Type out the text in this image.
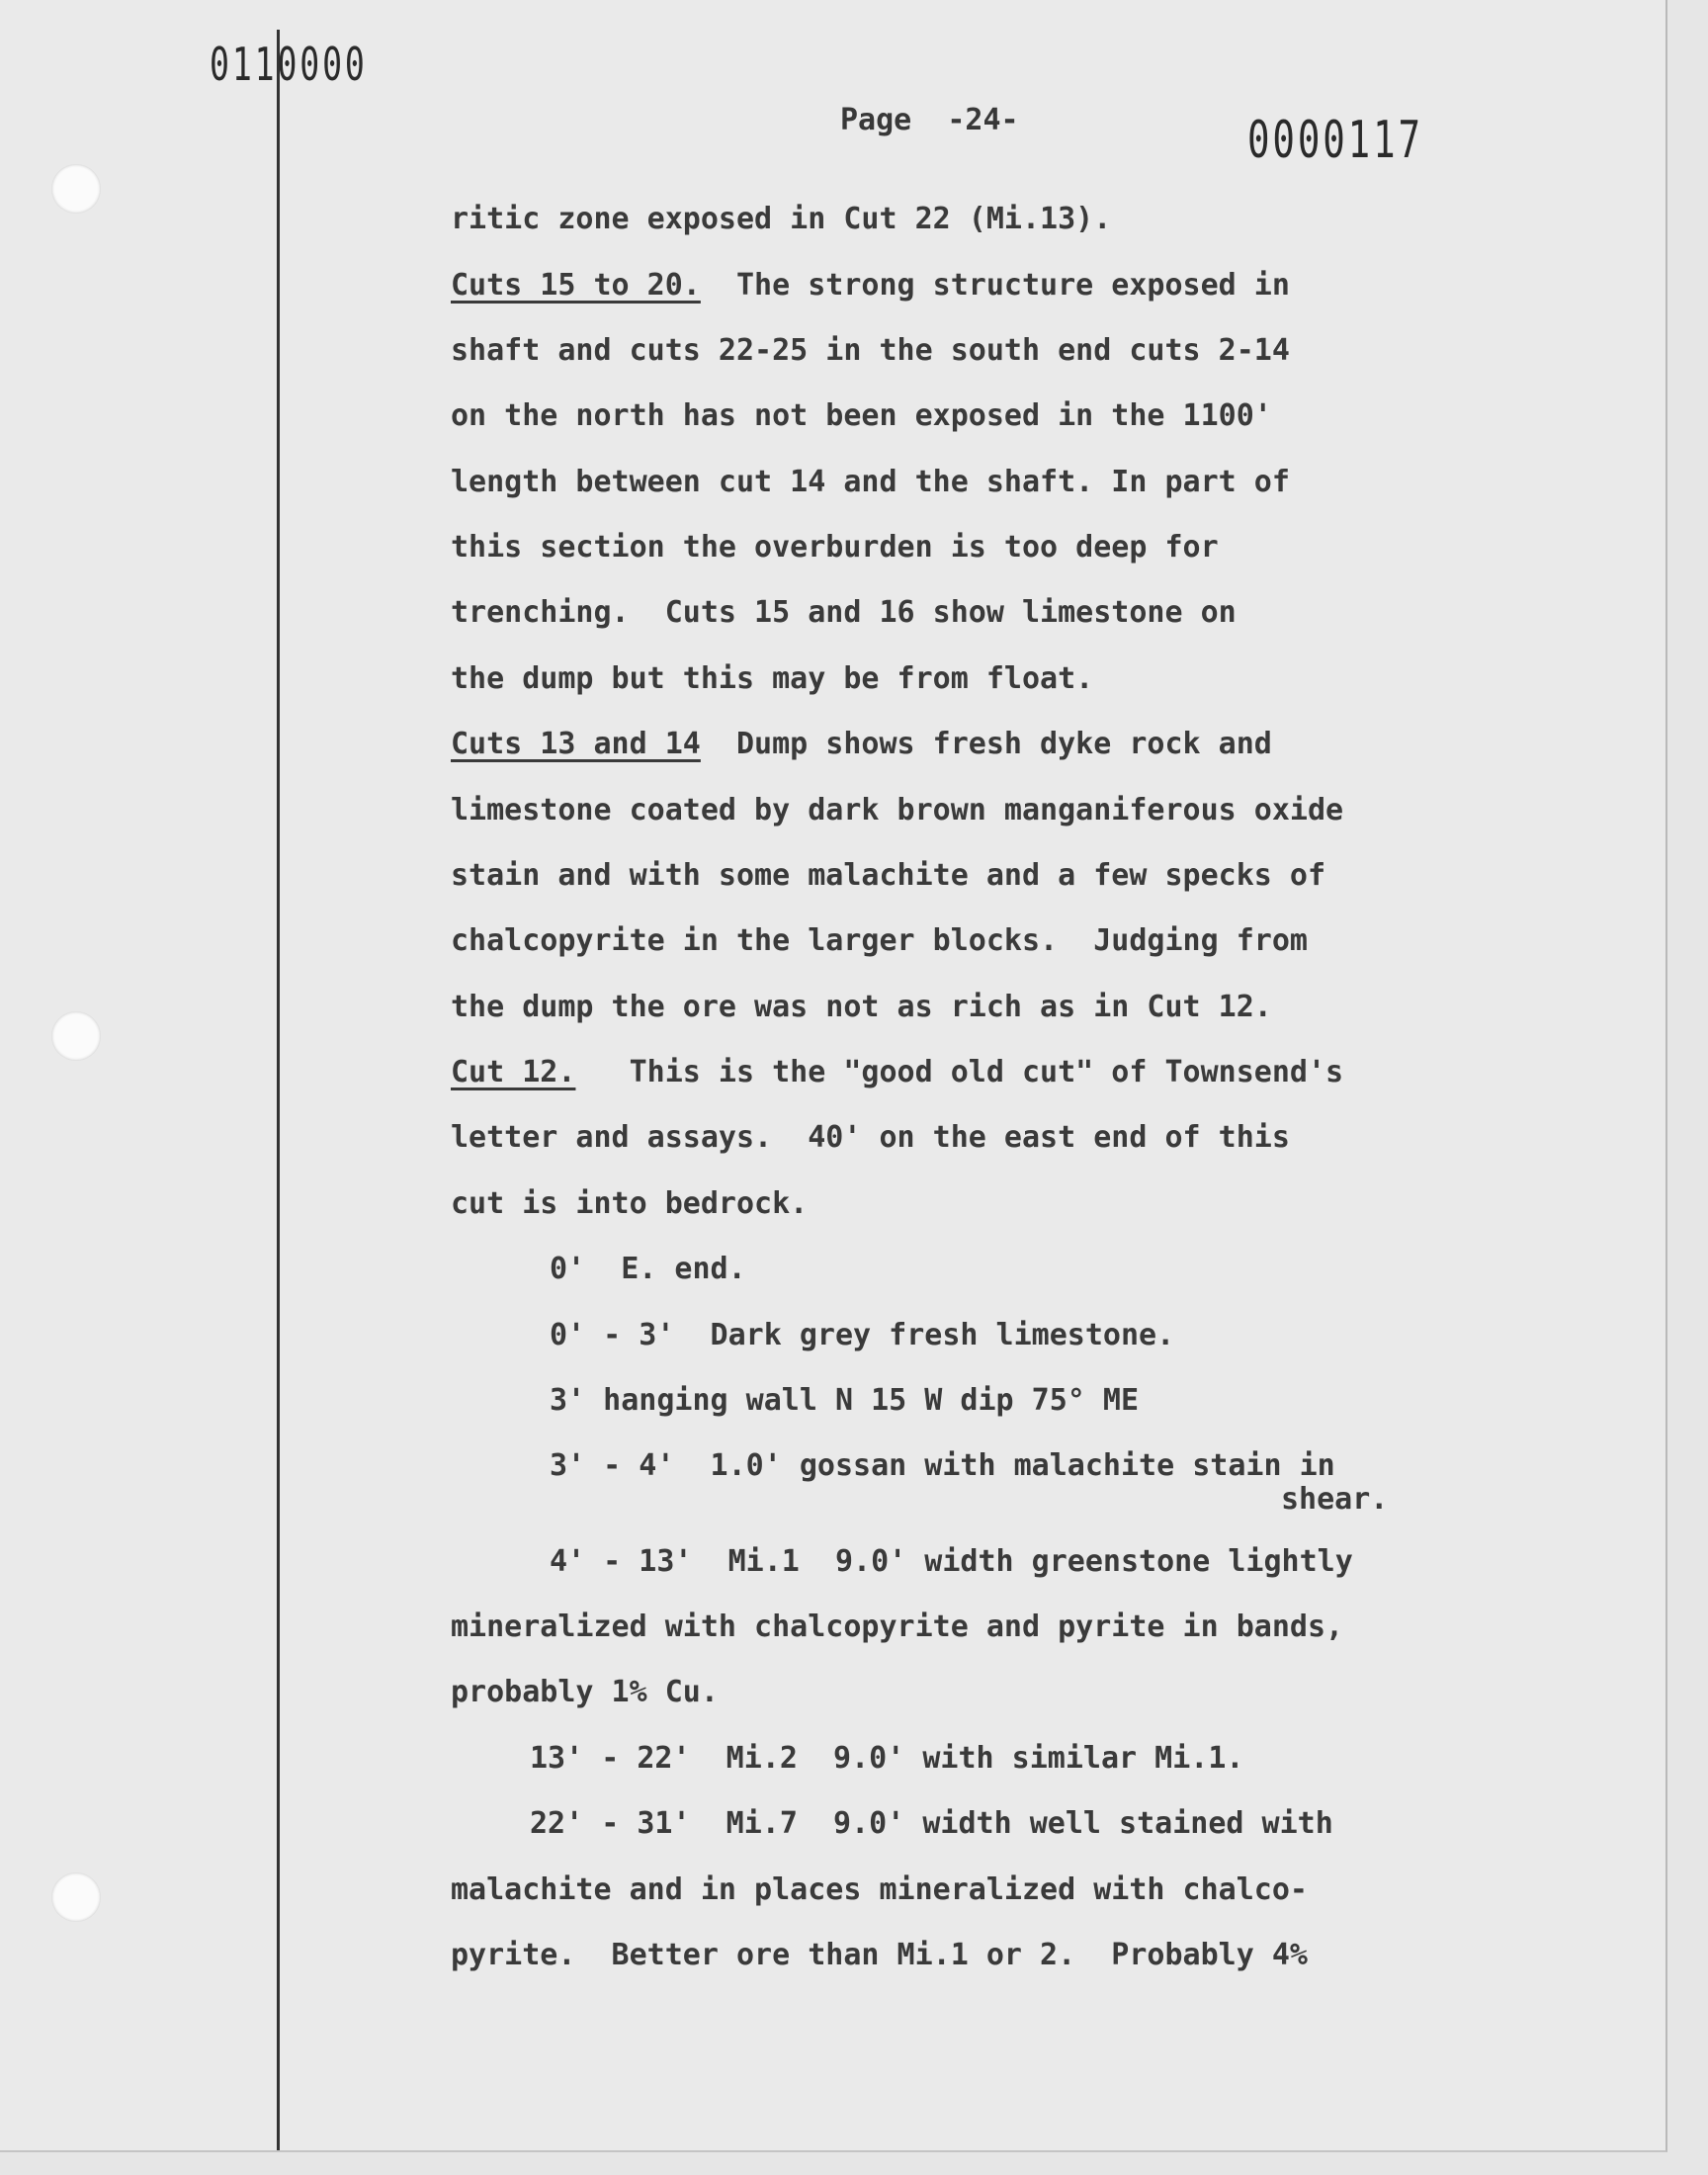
0110000
0000117
Page  -24-
ritic zone exposed in Cut 22 (Mi.13).
Cuts 15 to 20.  The strong structure exposed in
shaft and cuts 22-25 in the south end cuts 2-14
on the north has not been exposed in the 1100'
length between cut 14 and the shaft. In part of
this section the overburden is too deep for
trenching.  Cuts 15 and 16 show limestone on
the dump but this may be from float.
Cuts 13 and 14  Dump shows fresh dyke rock and
limestone coated by dark brown manganiferous oxide
stain and with some malachite and a few specks of
chalcopyrite in the larger blocks.  Judging from
the dump the ore was not as rich as in Cut 12.
Cut 12.   This is the "good old cut" of Townsend's
letter and assays.  40' on the east end of this
cut is into bedrock.
0'  E. end.
0' - 3'  Dark grey fresh limestone.
3' hanging wall N 15 W dip 75° ME
3' - 4'  1.0' gossan with malachite stain in
shear.
4' - 13'  Mi.1  9.0' width greenstone lightly
mineralized with chalcopyrite and pyrite in bands,
probably 1% Cu.
13' - 22'  Mi.2  9.0' with similar Mi.1.
22' - 31'  Mi.7  9.0' width well stained with
malachite and in places mineralized with chalco-
pyrite.  Better ore than Mi.1 or 2.  Probably 4%
